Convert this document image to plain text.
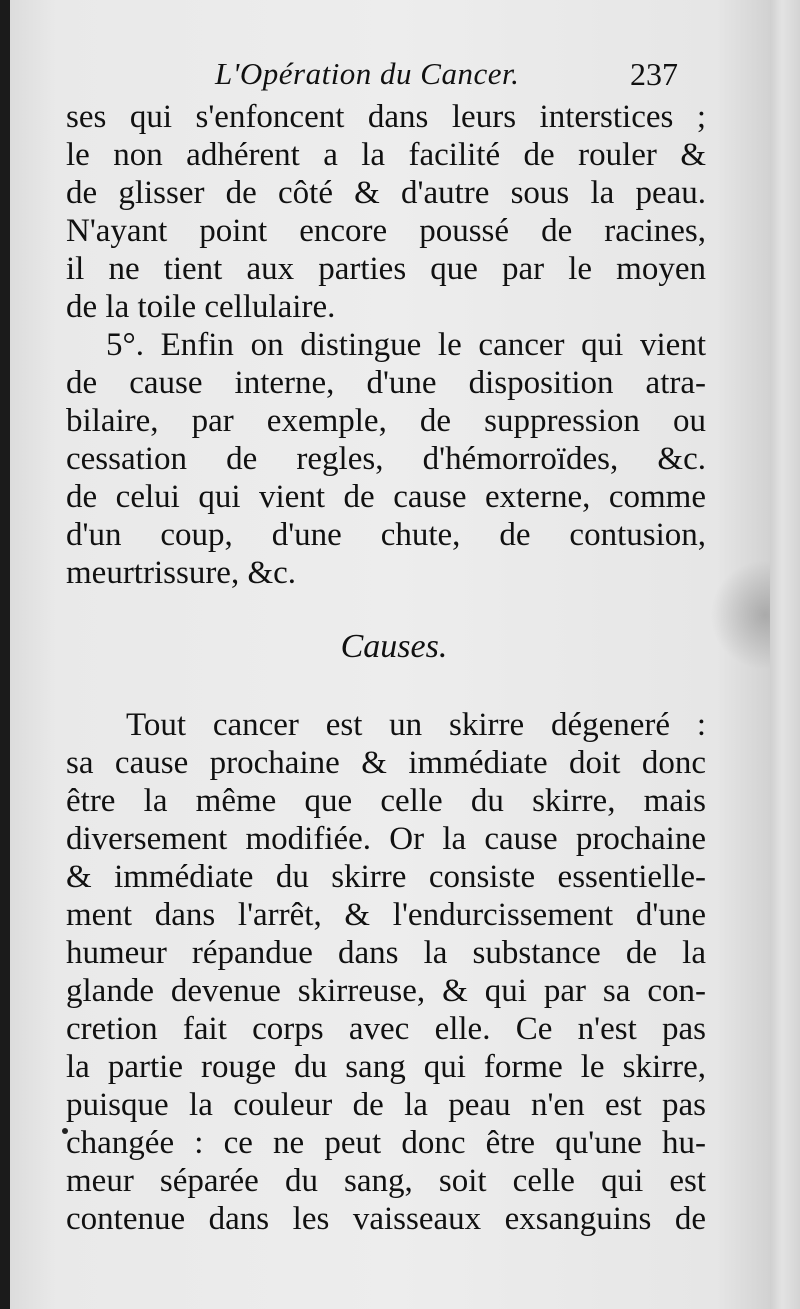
L'Opération du Cancer.	237
ses qui s'enfoncent dans leurs interstices ;
le non adhérent a la facilité de rouler &
de glisser de côté & d'autre sous la peau.
N'ayant point encore poussé de racines,
il ne tient aux parties que par le moyen
de la toile cellulaire.
5°. Enfin on distingue le cancer qui vient
de cause interne, d'une disposition atra-
bilaire, par exemple, de suppression ou
cessation de regles, d'hémorroïdes, &c.
de celui qui vient de cause externe, comme
d'un coup, d'une chute, de contusion,
meurtrissure, &c.
Causes.
Tout cancer est un skirre dégeneré :
sa cause prochaine & immédiate doit donc
être la même que celle du skirre, mais
diversement modifiée. Or la cause prochaine
& immédiate du skirre consiste essentielle-
ment dans l'arrêt, & l'endurcissement d'une
humeur répandue dans la substance de la
glande devenue skirreuse, & qui par sa con-
cretion fait corps avec elle. Ce n'est pas
la partie rouge du sang qui forme le skirre,
puisque la couleur de la peau n'en est pas
changée : ce ne peut donc être qu'une hu-
meur séparée du sang, soit celle qui est
contenue dans les vaisseaux exsanguins de
